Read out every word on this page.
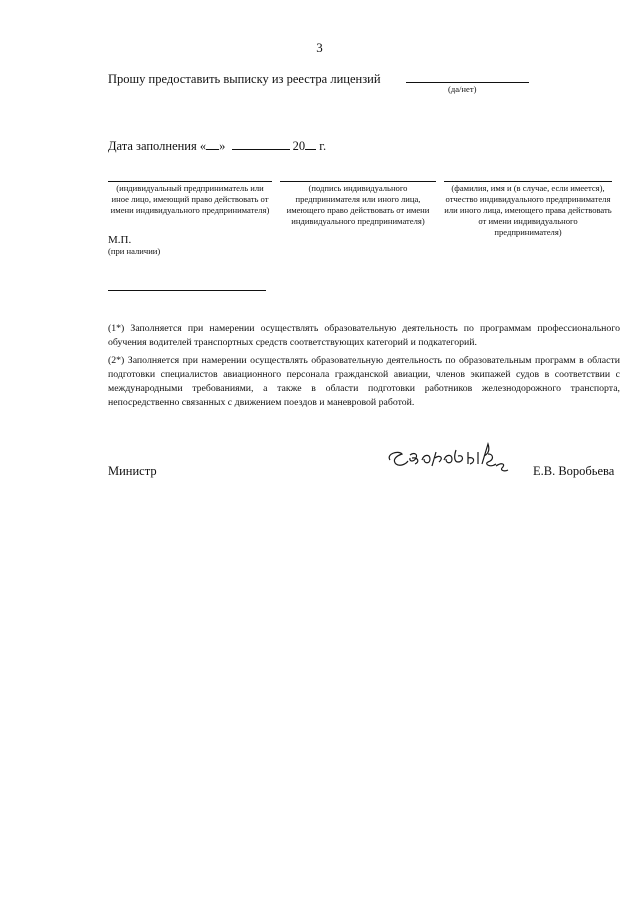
3
Прошу предоставить выписку из реестра лицензий
(да/нет)
Дата заполнения « »	20 г.
(индивидуальный предприниматель или иное лицо, имеющий право действовать от имени индивидуального предпринимателя)
(подпись индивидуального предпринимателя или иного лица, имеющего право действовать от имени индивидуального предпринимателя)
(фамилия, имя и (в случае, если имеется), отчество индивидуального предпринимателя или иного лица, имеющего права действовать от имени индивидуального предпринимателя)
М.П.
(при наличии)
(1*) Заполняется при намерении осуществлять образовательную деятельность по программам профессионального обучения водителей транспортных средств соответствующих категорий и подкатегорий.
(2*) Заполняется при намерении осуществлять образовательную деятельность по образовательным программ в области подготовки специалистов авиационного персонала гражданской авиации, членов экипажей судов в соответствии с международными требованиями, а также в области подготовки работников железнодорожного транспорта, непосредственно связанных с движением поездов и маневровой работой.
Министр	Е.В. Воробьева
